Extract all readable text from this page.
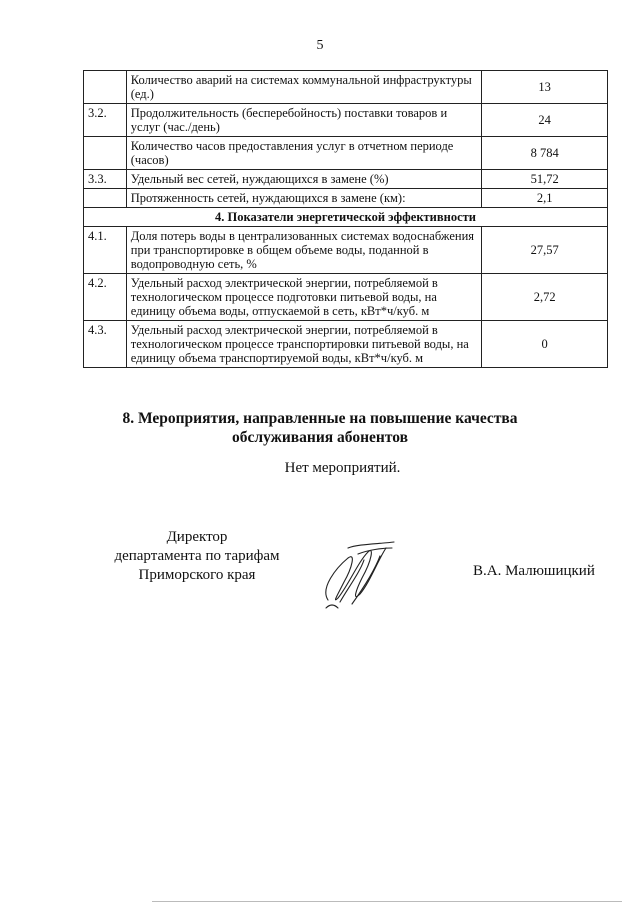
5
	Количество аварий на системах коммунальной инфраструктуры (ед.)	13
3.2.	Продолжительность (бесперебойность) поставки товаров и услуг (час./день)	24
	Количество часов предоставления услуг в отчетном периоде (часов)	8 784
3.3.	Удельный вес сетей, нуждающихся в замене (%)	51,72
	Протяженность сетей, нуждающихся в замене (км):	2,1
4. Показатели энергетической эффективности		
4.1.	Доля потерь воды в централизованных системах водоснабжения при транспортировке в общем объеме воды, поданной в водопроводную сеть, %	27,57
4.2.	Удельный расход электрической энергии, потребляемой в технологическом процессе подготовки питьевой воды, на единицу объема воды, отпускаемой в сеть, кВт*ч/куб. м	2,72
4.3.	Удельный расход электрической энергии, потребляемой в технологическом процессе транспортировки питьевой воды, на единицу объема транспортируемой воды, кВт*ч/куб. м	0
8. Мероприятия, направленные на повышение качества
обслуживания абонентов
Нет мероприятий.
Директор
департамента по тарифам
Приморского края	В.А. Малюшицкий
